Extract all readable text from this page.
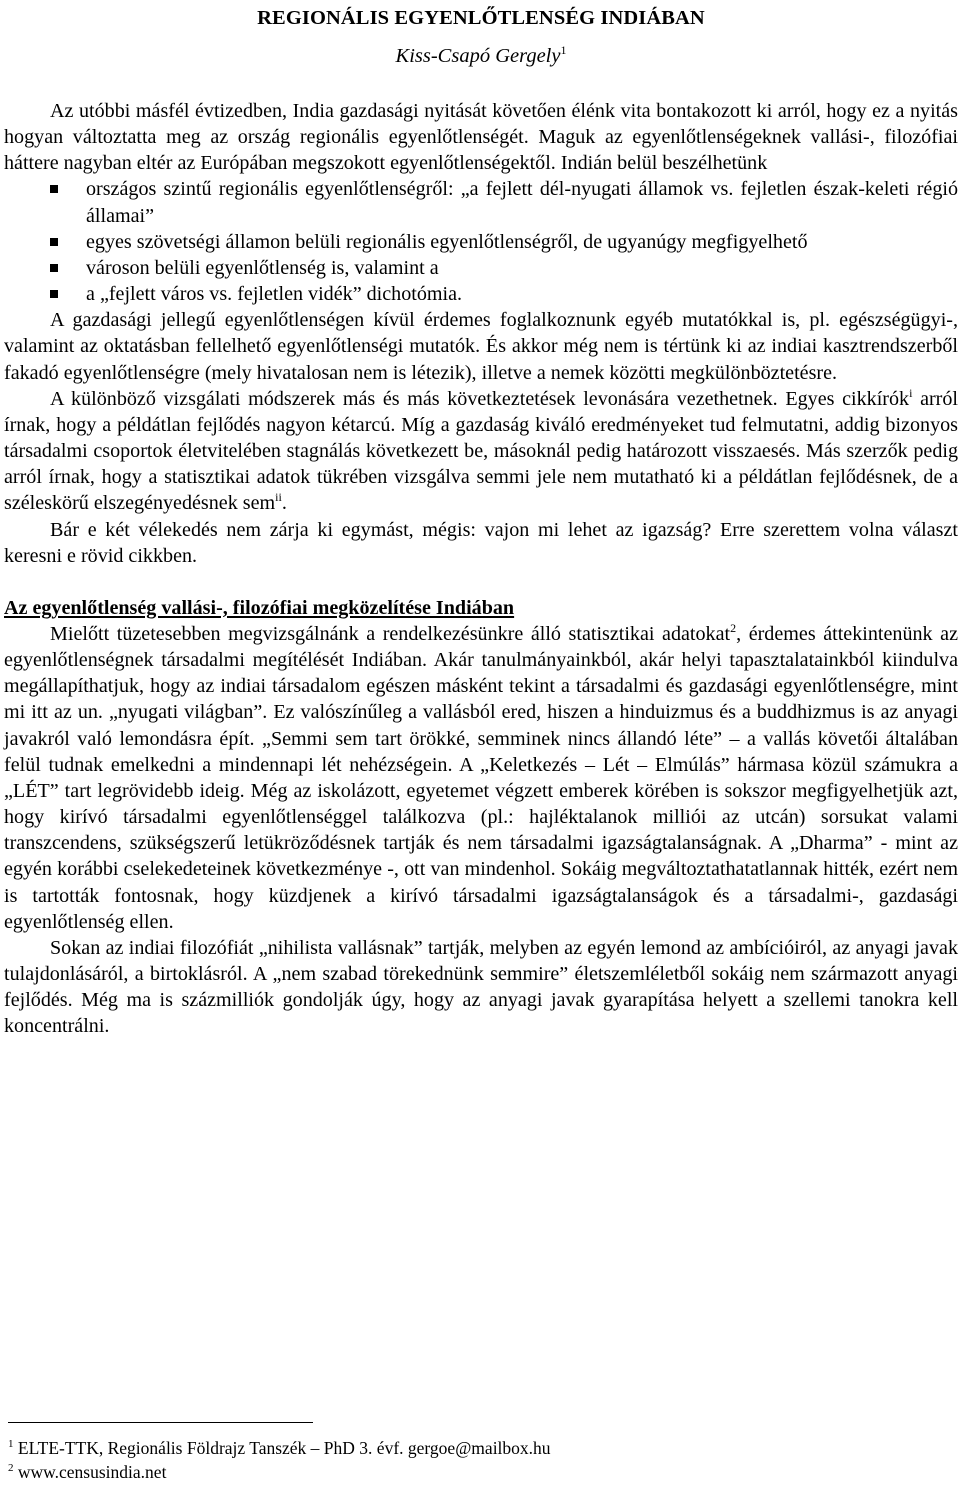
REGIONÁLIS EGYENLŐTLENSÉG INDIÁBAN
Kiss-Csapó Gergely$^1$

Az utóbbi másfél évtizedben, India gazdasági nyitását követően élénk vita bontakozott ki arról, hogy ez a nyitás hogyan változtatta meg az ország regionális egyenlőtlenségét. Maguk az egyenlőtlenségeknek vallási-, filozófiai háttere nagyban eltér az Európában megszokott egyenlőtlenségektől. Indián belül beszélhetünk

országos szintű regionális egyenlőtlenségről: „a fejlett dél-nyugati államok vs. fejletlen észak-keleti régió államai”
egyes szövetségi államon belüli regionális egyenlőtlenségről, de ugyanúgy megfigyelhető
városon belüli egyenlőtlenség is, valamint a
a „fejlett város vs. fejletlen vidék” dichotómia.

A gazdasági jellegű egyenlőtlenségen kívül érdemes foglalkoznunk egyéb mutatókkal is, pl. egészségügyi-, valamint az oktatásban fellelhető egyenlőtlenségi mutatók. És akkor még nem is tértünk ki az indiai kasztrendszerből fakadó egyenlőtlenségre (mely hivatalosan nem is létezik), illetve a nemek közötti megkülönböztetésre.

A különböző vizsgálati módszerek más és más következtetések levonására vezethetnek. Egyes cikkírók$^i$ arról írnak, hogy a példátlan fejlődés nagyon kétarcú. Míg a gazdaság kiváló eredményeket tud felmutatni, addig bizonyos társadalmi csoportok életvitelében stagnálás következett be, másoknál pedig határozott visszaesés. Más szerzők pedig arról írnak, hogy a statisztikai adatok tükrében vizsgálva semmi jele nem mutatható ki a példátlan fejlődésnek, de a széleskörű elszegényedésnek sem$^{ii}$.

Bár e két vélekedés nem zárja ki egymást, mégis: vajon mi lehet az igazság? Erre szerettem volna választ keresni e rövid cikkben.

Az egyenlőtlenség vallási-, filozófiai megközelítése Indiában

Mielőtt tüzetesebben megvizsgálnánk a rendelkezésünkre álló statisztikai adatokat$^2$, érdemes áttekintenünk az egyenlőtlenségnek társadalmi megítélését Indiában. Akár tanulmányainkból, akár helyi tapasztalatainkból kiindulva megállapíthatjuk, hogy az indiai társadalom egészen másként tekint a társadalmi és gazdasági egyenlőtlenségre, mint mi itt az un. „nyugati világban”. Ez valószínűleg a vallásból ered, hiszen a hinduizmus és a buddhizmus is az anyagi javakról való lemondásra épít. „Semmi sem tart örökké, semminek nincs állandó léte” – a vallás követői általában felül tudnak emelkedni a mindennapi lét nehézségein. A „Keletkezés – Lét – Elmúlás” hármasa közül számukra a „LÉT” tart legrövidebb ideig. Még az iskolázott, egyetemet végzett emberek körében is sokszor megfigyelhetjük azt, hogy kirívó társadalmi egyenlőtlenséggel találkozva (pl.: hajléktalanok milliói az utcán) sorsukat valami transzcendens, szükségszerű letükröződésnek tartják és nem társadalmi igazságtalanságnak. A „Dharma” - mint az egyén korábbi cselekedeteinek következménye -, ott van mindenhol. Sokáig megváltoztathatatlannak hitték, ezért nem is tartották fontosnak, hogy küzdjenek a kirívó társadalmi igazságtalanságok és a társadalmi-, gazdasági egyenlőtlenség ellen.

Sokan az indiai filozófiát „nihilista vallásnak” tartják, melyben az egyén lemond az ambícióiról, az anyagi javak tulajdonlásáról, a birtoklásról. A „nem szabad törekednünk semmire” életszemléletből sokáig nem származott anyagi fejlődés. Még ma is százmilliók gondolják úgy, hogy az anyagi javak gyarapítása helyett a szellemi tanokra kell koncentrálni.

$^1$ ELTE-TTK, Regionális Földrajz Tanszék – PhD 3. évf. gergoe@mailbox.hu
$^2$ www.censusindia.net
